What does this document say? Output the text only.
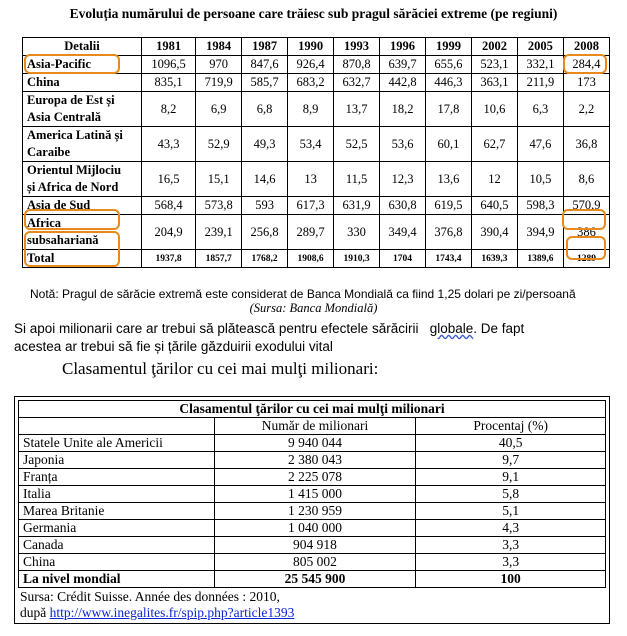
Evoluția numărului de persoane care trăiesc sub pragul sărăciei extreme (pe regiuni)
Detalii	1981	1984	1987	1990	1993	1996	1999	2002	2005	2008
Asia-Pacific	1096,5	970	847,6	926,4	870,8	639,7	655,6	523,1	332,1	284,4
China	835,1	719,9	585,7	683,2	632,7	442,8	446,3	363,1	211,9	173
Europa de Est și
Asia Centrală	8,2	6,9	6,8	8,9	13,7	18,2	17,8	10,6	6,3	2,2
America Latină și
Caraibe	43,3	52,9	49,3	53,4	52,5	53,6	60,1	62,7	47,6	36,8
Orientul Mijlociu
și Africa de Nord	16,5	15,1	14,6	13	11,5	12,3	13,6	12	10,5	8,6
Asia de Sud	568,4	573,8	593	617,3	631,9	630,8	619,5	640,5	598,3	570,9
Africa
subsahariană	204,9	239,1	256,8	289,7	330	349,4	376,8	390,4	394,9	386
Total	1937,8	1857,7	1768,2	1908,6	1910,3	1704	1743,4	1639,3	1389,6	1289
Notă: Pragul de sărăcie extremă este considerat de Banca Mondială ca fiind 1,25 dolari pe zi/persoană
(Sursa: Banca Mondială)
Si apoi milionarii care ar trebui să plătească pentru efectele sărăcirii globale. De fapt
acestea ar trebui să fie și țările găzduirii exodului vital
Clasamentul ţărilor cu cei mai mulţi milionari:
Clasamentul ţărilor cu cei mai mulţi milionari		
	Număr de milionari	Procentaj (%)
Statele Unite ale Americii	9 940 044	40,5
Japonia	2 380 043	9,7
Franța	2 225 078	9,1
Italia	1 415 000	5,8
Marea Britanie	1 230 959	5,1
Germania	1 040 000	4,3
Canada	904 918	3,3
China	805 002	3,3
La nivel mondial	25 545 900	100
Sursa: Crédit Suisse. Année des données : 2010,
după http://www.inegalites.fr/spip.php?article1393
